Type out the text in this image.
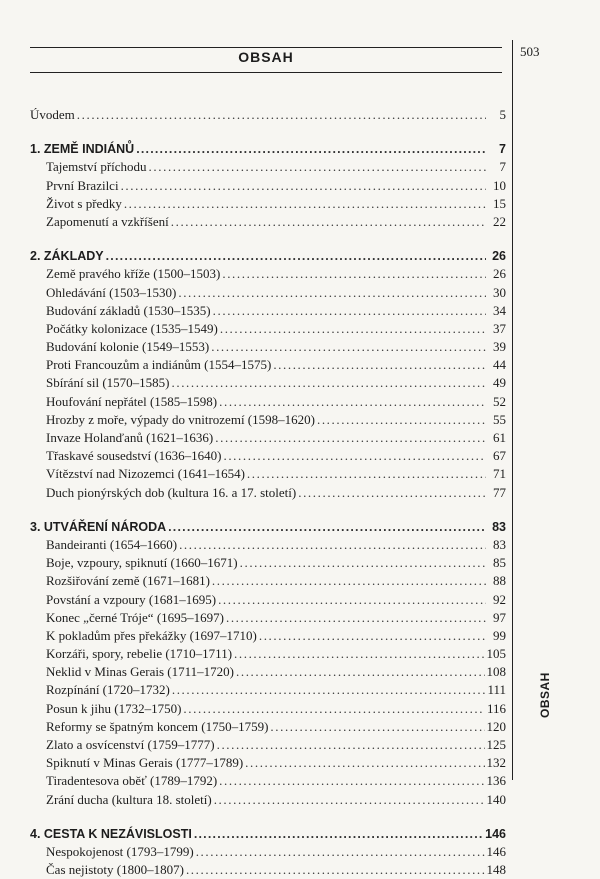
OBSAH	503
OBSAH
Úvodem .....	5
1. ZEMĚ INDIÁNŮ .....	7
Tajemství příchodu .....	7
První Brazilci .....	10
Život s předky .....	15
Zapomenutí a vzkříšení .....	22
2. ZÁKLADY .....	26
Země pravého kříže (1500–1503) .....	26
Ohledávání (1503–1530) .....	30
Budování základů (1530–1535) .....	34
Počátky kolonizace (1535–1549) .....	37
Budování kolonie (1549–1553) .....	39
Proti Francouzům a indiánům (1554–1575) .....	44
Sbírání sil (1570–1585) .....	49
Houfování nepřátel (1585–1598) .....	52
Hrozby z moře, výpady do vnitrozemí (1598–1620) .....	55
Invaze Holanďanů (1621–1636) .....	61
Třaskavé sousedství (1636–1640) .....	67
Vítězství nad Nizozemci (1641–1654) .....	71
Duch pionýrských dob (kultura 16. a 17. století) .....	77
3. UTVÁŘENÍ NÁRODA .....	83
Bandeiranti (1654–1660) .....	83
Boje, vzpoury, spiknutí (1660–1671) .....	85
Rozšiřování země (1671–1681) .....	88
Povstání a vzpoury (1681–1695) .....	92
Konec „černé Tróje“ (1695–1697) .....	97
K pokladům přes překážky (1697–1710) .....	99
Korzáři, spory, rebelie (1710–1711) .....	105
Neklid v Minas Gerais (1711–1720) .....	108
Rozpínání (1720–1732) .....	111
Posun k jihu (1732–1750) .....	116
Reformy se špatným koncem (1750–1759) .....	120
Zlato a osvícenství (1759–1777) .....	125
Spiknutí v Minas Gerais (1777–1789) .....	132
Tiradentesova oběť (1789–1792) .....	136
Zrání ducha (kultura 18. století) .....	140
4. CESTA K NEZÁVISLOSTI .....	146
Nespokojenost (1793–1799) .....	146
Čas nejistoty (1800–1807) .....	148
